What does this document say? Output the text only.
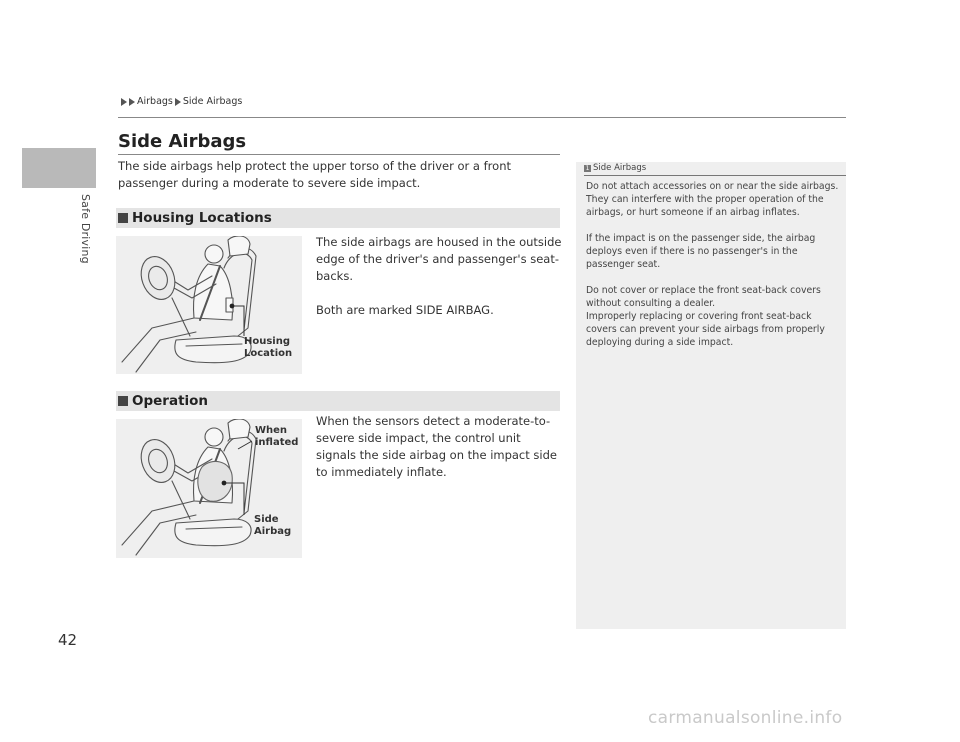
Safe Driving
42
Airbags Side Airbags
Side Airbags
The side airbags help protect the upper torso of the driver or a front passenger during a moderate to severe side impact.
Housing Locations
Housing
Location

The side airbags are housed in the outside edge of the driver's and passenger's seat-backs.

Both are marked SIDE AIRBAG.

Operation
When
inflated
Side
Airbag

When the sensors detect a moderate-to-severe side impact, the control unit signals the side airbag on the impact side to immediately inflate.

1 Side Airbags

Do not attach accessories on or near the side airbags. They can interfere with the proper operation of the airbags, or hurt someone if an airbag inflates.

If the impact is on the passenger side, the airbag deploys even if there is no passenger's in the passenger seat.

Do not cover or replace the front seat-back covers without consulting a dealer.

Improperly replacing or covering front seat-back covers can prevent your side airbags from properly deploying during a side impact.

carmanualsonline.info
